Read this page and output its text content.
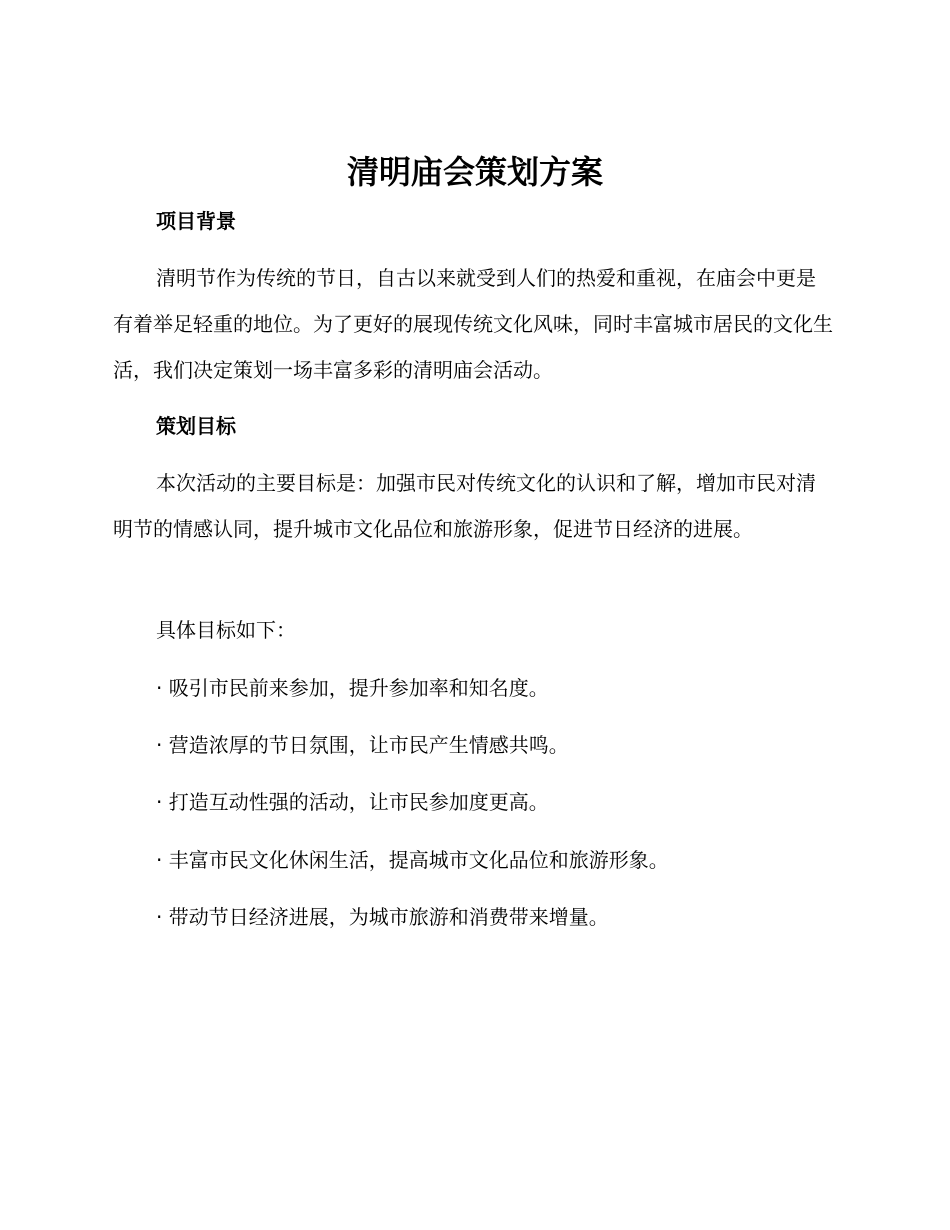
清明庙会策划方案

项目背景

清明节作为传统的节日，自古以来就受到人们的热爱和重视，在庙会中更是有着举足轻重的地位。为了更好的展现传统文化风味，同时丰富城市居民的文化生活，我们决定策划一场丰富多彩的清明庙会活动。

策划目标

本次活动的主要目标是：加强市民对传统文化的认识和了解，增加市民对清明节的情感认同，提升城市文化品位和旅游形象，促进节日经济的进展。

具体目标如下：

· 吸引市民前来参加，提升参加率和知名度。

· 营造浓厚的节日氛围，让市民产生情感共鸣。

· 打造互动性强的活动，让市民参加度更高。

· 丰富市民文化休闲生活，提高城市文化品位和旅游形象。

· 带动节日经济进展，为城市旅游和消费带来增量。
